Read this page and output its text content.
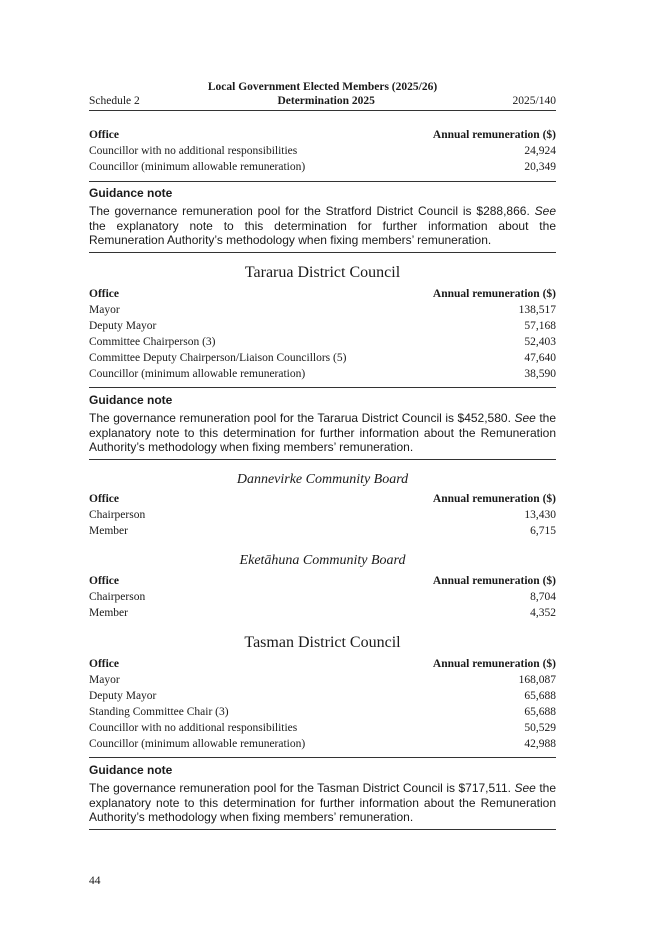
Local Government Elected Members (2025/26)
Schedule 2	Determination 2025	2025/140
Office	Annual remuneration ($)
Councillor with no additional responsibilities	24,924
Councillor (minimum allowable remuneration)	20,349
Guidance note
The governance remuneration pool for the Stratford District Council is $288,866. See the explanatory note to this determination for further information about the Remuneration Authority’s methodology when fixing members’ remuneration.
Tararua District Council
Office	Annual remuneration ($)
Mayor	138,517
Deputy Mayor	57,168
Committee Chairperson (3)	52,403
Committee Deputy Chairperson/Liaison Councillors (5)	47,640
Councillor (minimum allowable remuneration)	38,590
Guidance note
The governance remuneration pool for the Tararua District Council is $452,580. See the explanatory note to this determination for further information about the Remuneration Authority’s methodology when fixing members’ remuneration.
Dannevirke Community Board
Office	Annual remuneration ($)
Chairperson	13,430
Member	6,715
Eketāhuna Community Board
Office	Annual remuneration ($)
Chairperson	8,704
Member	4,352
Tasman District Council
Office	Annual remuneration ($)
Mayor	168,087
Deputy Mayor	65,688
Standing Committee Chair (3)	65,688
Councillor with no additional responsibilities	50,529
Councillor (minimum allowable remuneration)	42,988
Guidance note
The governance remuneration pool for the Tasman District Council is $717,511. See the explanatory note to this determination for further information about the Remuneration Authority’s methodology when fixing members’ remuneration.
44
